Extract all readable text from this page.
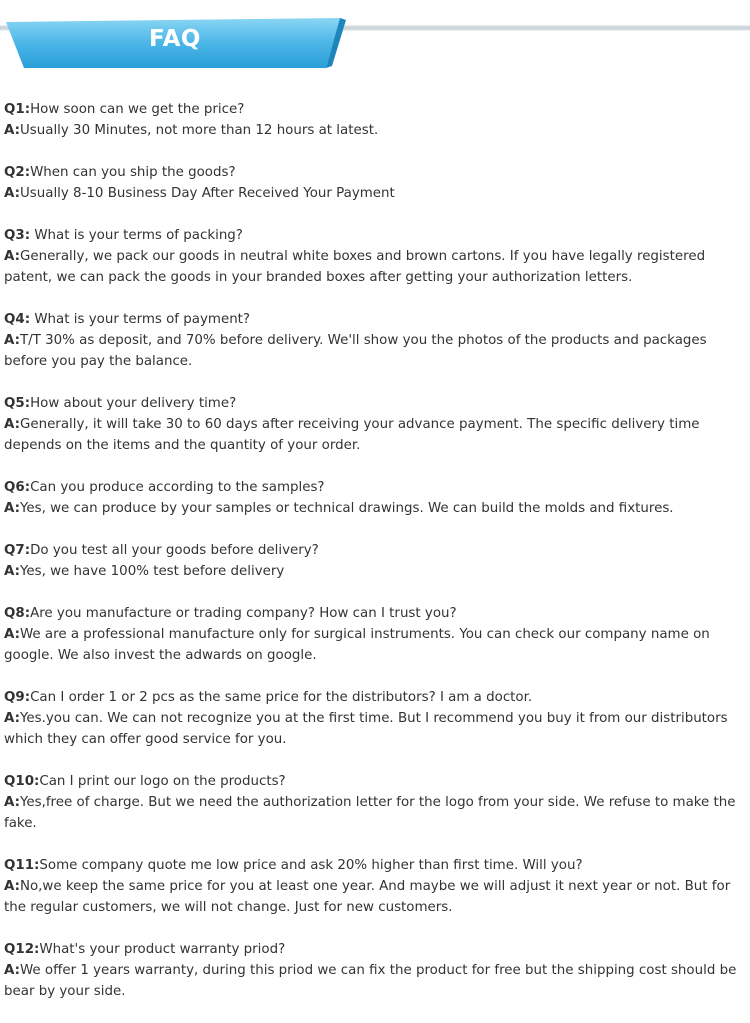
FAQ

Q1:How soon can we get the price?

A:Usually 30 Minutes, not more than 12 hours at latest.

Q2:When can you ship the goods?

A:Usually 8-10 Business Day After Received Your Payment

Q3: What is your terms of packing?

A:Generally, we pack our goods in neutral white boxes and brown cartons. If you have legally registered patent, we can pack the goods in your branded boxes after getting your authorization letters.

Q4: What is your terms of payment?

A:T/T 30% as deposit, and 70% before delivery. We'll show you the photos of the products and packages before you pay the balance.

Q5:How about your delivery time?

A:Generally, it will take 30 to 60 days after receiving your advance payment. The specific delivery time depends on the items and the quantity of your order.

Q6:Can you produce according to the samples?

A:Yes, we can produce by your samples or technical drawings. We can build the molds and fixtures.

Q7:Do you test all your goods before delivery?

A:Yes, we have 100% test before delivery

Q8:Are you manufacture or trading company? How can I trust you?

A:We are a professional manufacture only for surgical instruments. You can check our company name on google. We also invest the adwards on google.

Q9:Can I order 1 or 2 pcs as the same price for the distributors? I am a doctor.

A:Yes.you can. We can not recognize you at the first time. But I recommend you buy it from our distributors which they can offer good service for you.

Q10:Can I print our logo on the products?

A:Yes,free of charge. But we need the authorization letter for the logo from your side. We refuse to make the fake.

Q11:Some company quote me low price and ask 20% higher than first time. Will you?

A:No,we keep the same price for you at least one year. And maybe we will adjust it next year or not. But for the regular customers, we will not change. Just for new customers.

Q12:What's your product warranty priod?

A:We offer 1 years warranty, during this priod we can fix the product for free but the shipping cost should be bear by your side.
